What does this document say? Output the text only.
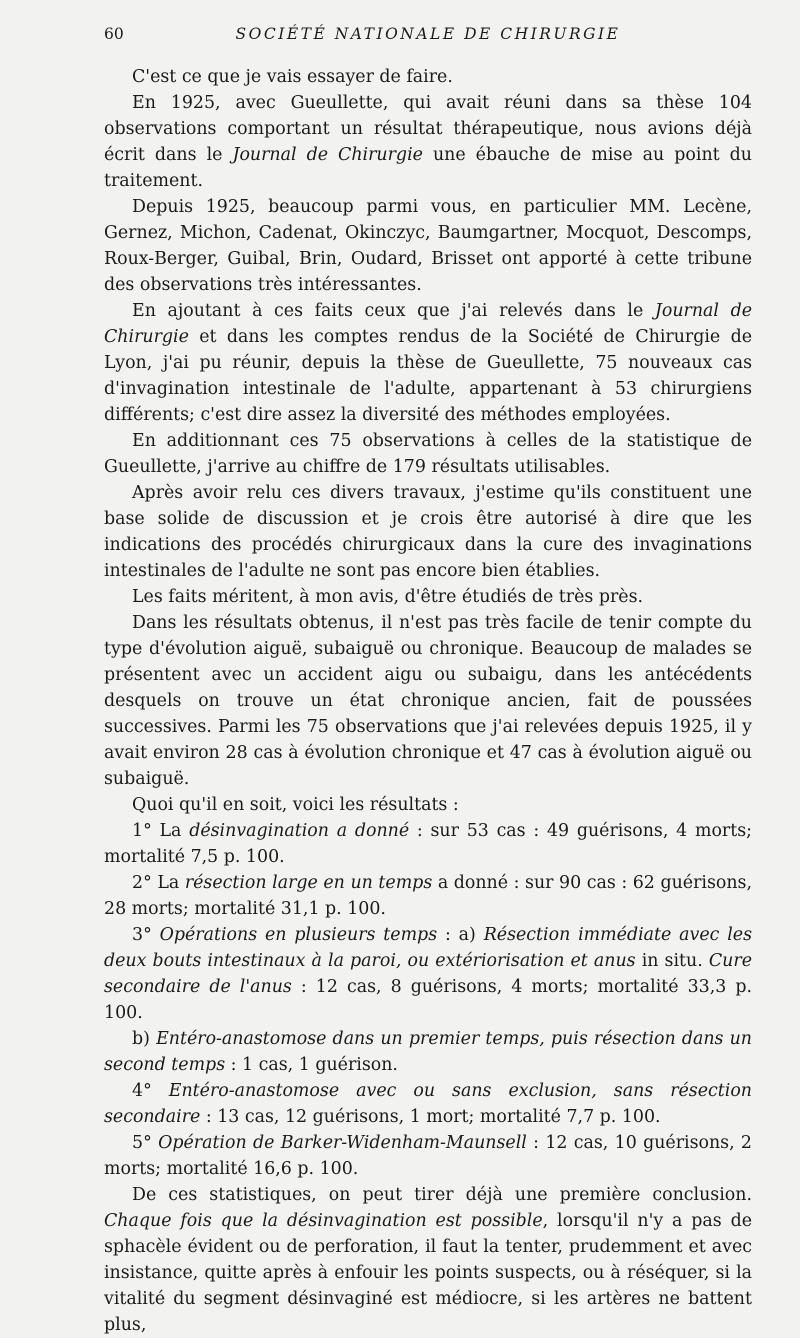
60	SOCIÉTÉ NATIONALE DE CHIRURGIE

C'est ce que je vais essayer de faire.

En 1925, avec Gueullette, qui avait réuni dans sa thèse 104 observations comportant un résultat thérapeutique, nous avions déjà écrit dans le Journal de Chirurgie une ébauche de mise au point du traitement.

Depuis 1925, beaucoup parmi vous, en particulier MM. Lecène, Gernez, Michon, Cadenat, Okinczyc, Baumgartner, Mocquot, Descomps, Roux-Berger, Guibal, Brin, Oudard, Brisset ont apporté à cette tribune des observations très intéressantes.

En ajoutant à ces faits ceux que j'ai relevés dans le Journal de Chirurgie et dans les comptes rendus de la Société de Chirurgie de Lyon, j'ai pu réunir, depuis la thèse de Gueullette, 75 nouveaux cas d'invagination intestinale de l'adulte, appartenant à 53 chirurgiens différents; c'est dire assez la diversité des méthodes employées.

En additionnant ces 75 observations à celles de la statistique de Gueullette, j'arrive au chiffre de 179 résultats utilisables.

Après avoir relu ces divers travaux, j'estime qu'ils constituent une base solide de discussion et je crois être autorisé à dire que les indications des procédés chirurgicaux dans la cure des invaginations intestinales de l'adulte ne sont pas encore bien établies.

Les faits méritent, à mon avis, d'être étudiés de très près.

Dans les résultats obtenus, il n'est pas très facile de tenir compte du type d'évolution aiguë, subaiguë ou chronique. Beaucoup de malades se présentent avec un accident aigu ou subaigu, dans les antécédents desquels on trouve un état chronique ancien, fait de poussées successives. Parmi les 75 observations que j'ai relevées depuis 1925, il y avait environ 28 cas à évolution chronique et 47 cas à évolution aiguë ou subaiguë.

Quoi qu'il en soit, voici les résultats :

1° La désinvagination a donné : sur 53 cas : 49 guérisons, 4 morts; mortalité 7,5 p. 100.

2° La résection large en un temps a donné : sur 90 cas : 62 guérisons, 28 morts; mortalité 31,1 p. 100.

3° Opérations en plusieurs temps : a) Résection immédiate avec les deux bouts intestinaux à la paroi, ou extériorisation et anus in situ. Cure secondaire de l'anus : 12 cas, 8 guérisons, 4 morts; mortalité 33,3 p. 100.

b) Entéro-anastomose dans un premier temps, puis résection dans un second temps : 1 cas, 1 guérison.

4° Entéro-anastomose avec ou sans exclusion, sans résection secondaire : 13 cas, 12 guérisons, 1 mort; mortalité 7,7 p. 100.

5° Opération de Barker-Widenham-Maunsell : 12 cas, 10 guérisons, 2 morts; mortalité 16,6 p. 100.

De ces statistiques, on peut tirer déjà une première conclusion. Chaque fois que la désinvagination est possible, lorsqu'il n'y a pas de sphacèle évident ou de perforation, il faut la tenter, prudemment et avec insistance, quitte après à enfouir les points suspects, ou à réséquer, si la vitalité du segment désinvaginé est médiocre, si les artères ne battent plus,
